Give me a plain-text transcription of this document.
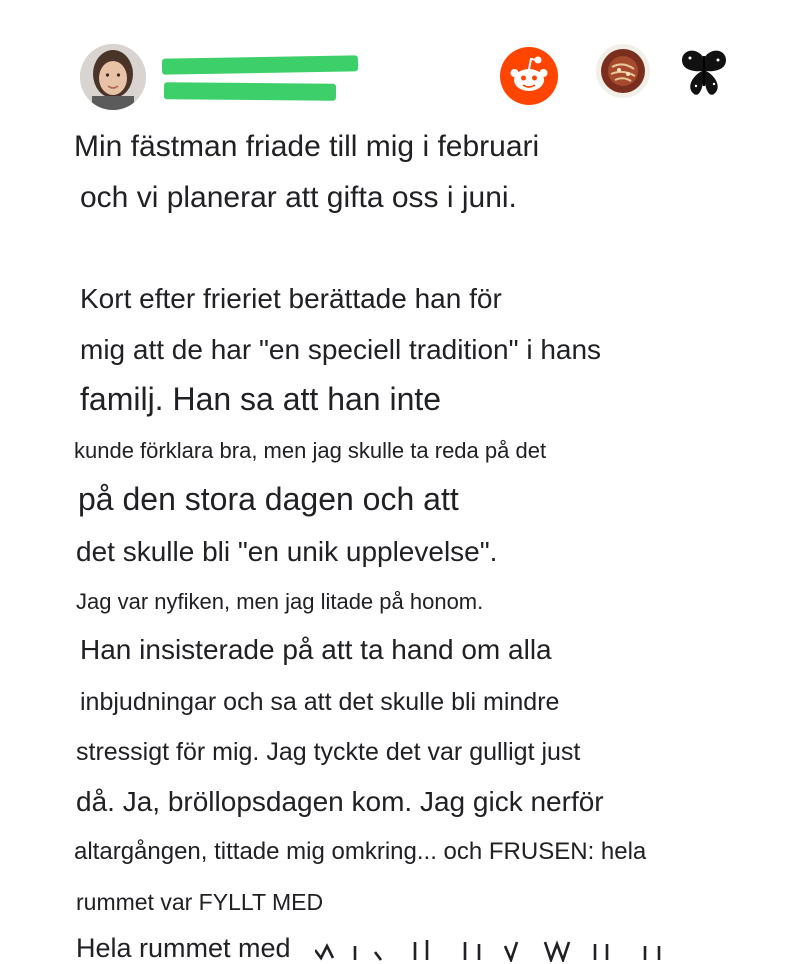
Min fästman friade till mig i februari
och vi planerar att gifta oss i juni.
Kort efter frieriet berättade han för
mig att de har "en speciell tradition" i hans
familj. Han sa att han inte
kunde förklara bra, men jag skulle ta reda på det
på den stora dagen och att
det skulle bli "en unik upplevelse".
Jag var nyfiken, men jag litade på honom.
Han insisterade på att ta hand om alla
inbjudningar och sa att det skulle bli mindre
stressigt för mig. Jag tyckte det var gulligt just
då. Ja, bröllopsdagen kom. Jag gick nerför
altargången, tittade mig omkring... och FRUSEN: hela
rummet var FYLLT MED
Hela rummet med
